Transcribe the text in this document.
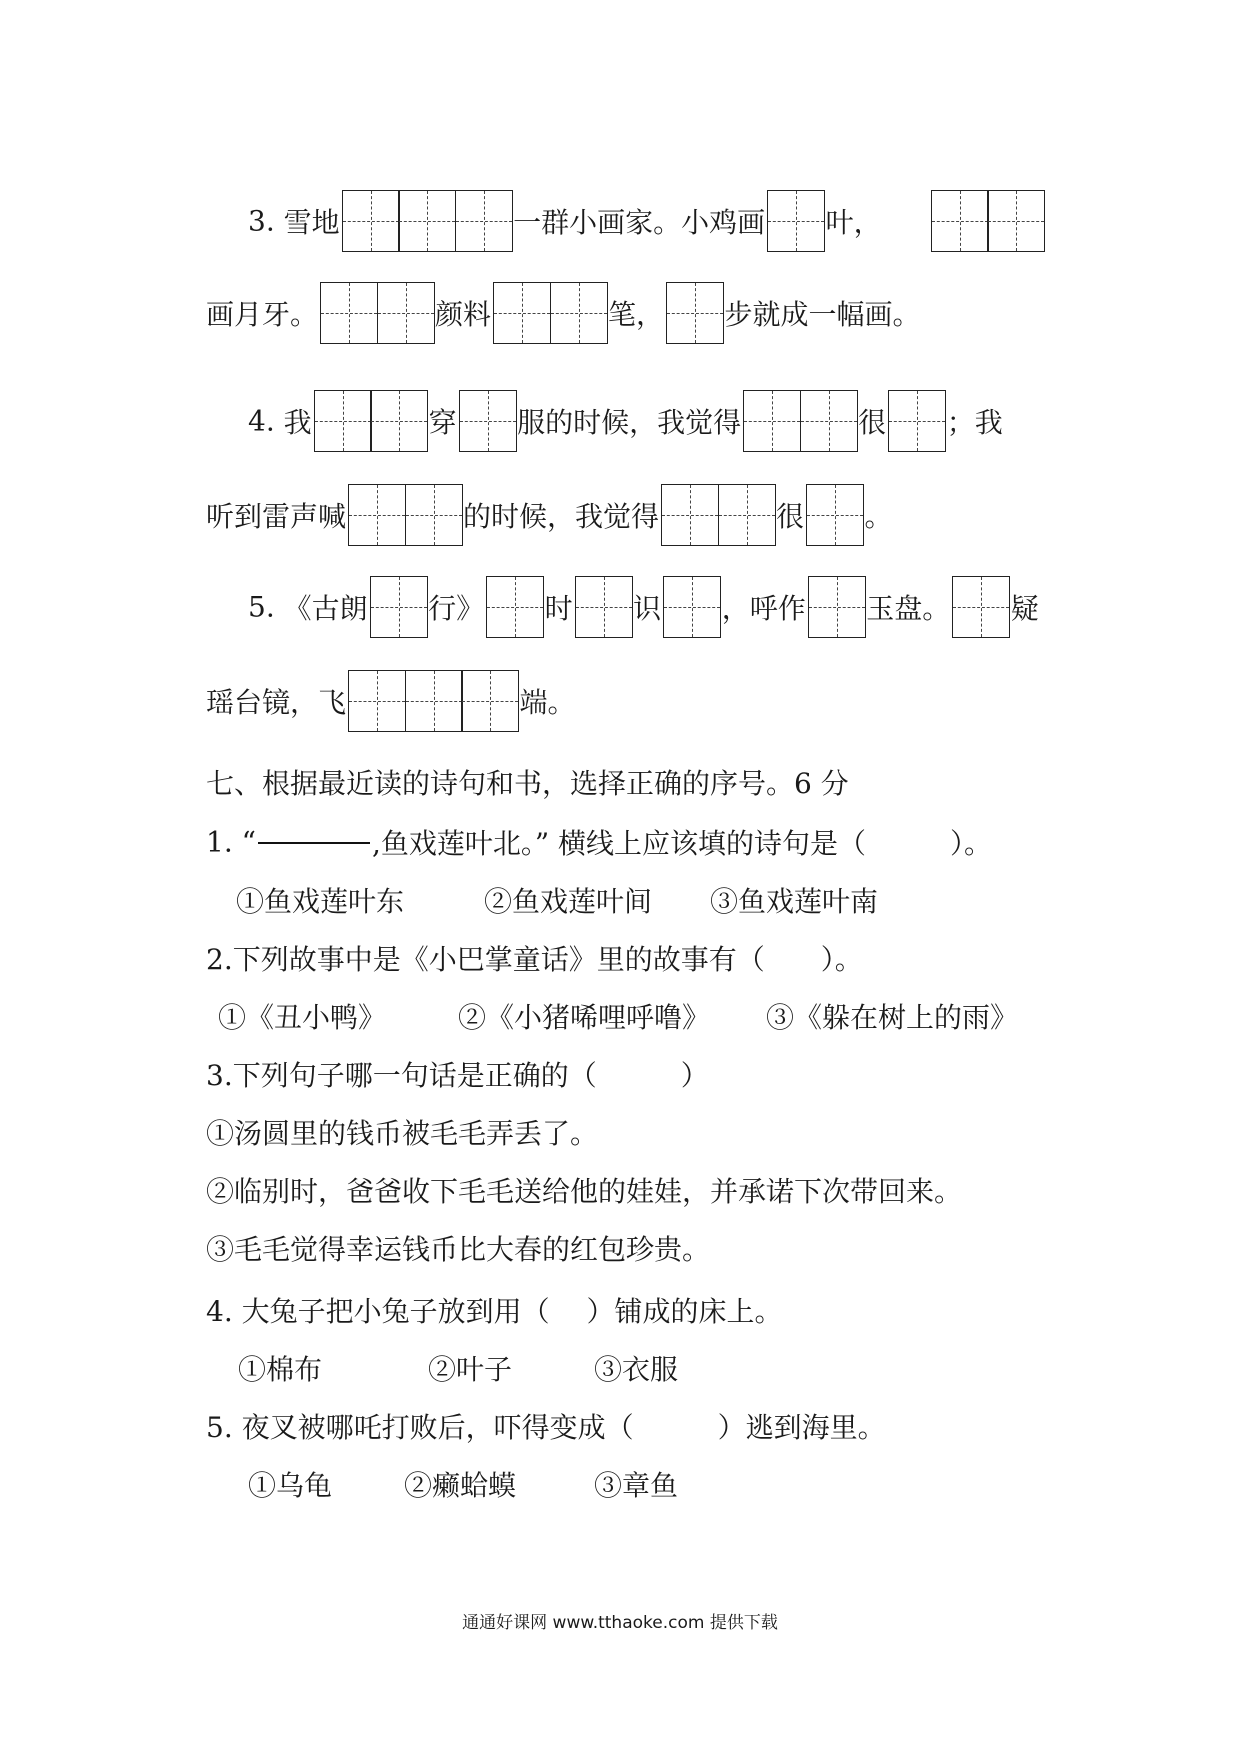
3. 雪地	一群小画家。小鸡画 叶，
画月牙。	颜料	笔， 步就成一幅画。
4. 我	穿 服的时候，我觉得	很 ；我
听到雷声喊	的时候，我觉得	很 。
5. 《古朗 行》 时 识 ，呼作 玉盘。 疑
瑶台镜，飞	端。
七、根据最近读的诗句和书，选择正确的序号。6 分
1. “	,鱼戏莲叶北。” 横线上应该填的诗句是（　　　）。
①鱼戏莲叶东	②鱼戏莲叶间 ③鱼戏莲叶南
2.下列故事中是《小巴掌童话》里的故事有（　　）。
①《丑小鸭》	②《小猪唏哩呼噜》 ③《躲在树上的雨》
3.下列句子哪一句话是正确的（　　　）
①汤圆里的钱币被毛毛弄丢了。
②临别时，爸爸收下毛毛送给他的娃娃，并承诺下次带回来。
③毛毛觉得幸运钱币比大春的红包珍贵。
4. 大兔子把小兔子放到用（　 ）铺成的床上。
①棉布	②叶子	③衣服
5. 夜叉被哪吒打败后，吓得变成（　　　）逃到海里。
①乌龟	②癞蛤蟆	③章鱼
通通好课网 www.tthaoke.com 提供下载
